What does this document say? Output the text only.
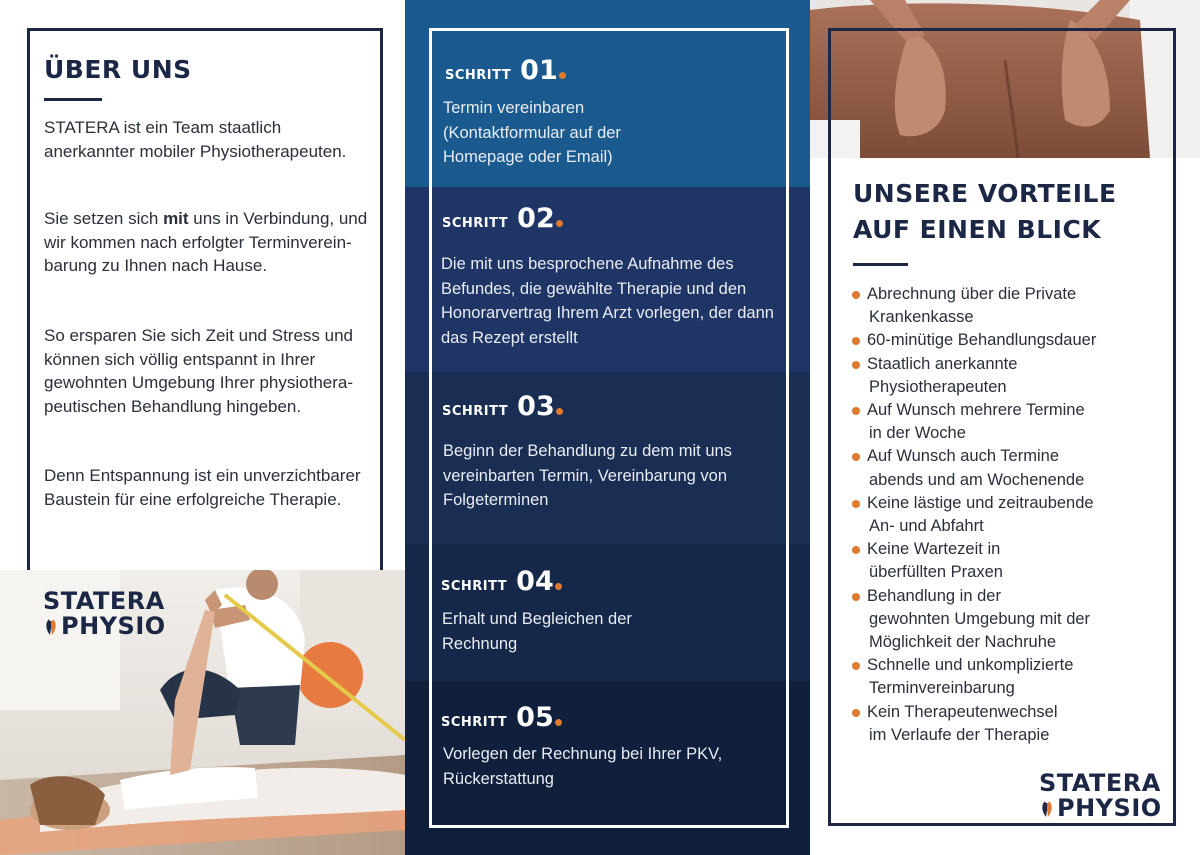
ÜBER UNS

STATERA ist ein Team staatlich anerkannter mobiler Physiotherapeuten.

Sie setzen sich mit uns in Verbindung, und wir kommen nach erfolgter Terminverein- barung zu Ihnen nach Hause.

So ersparen Sie sich Zeit und Stress und können sich völlig entspannt in Ihrer gewohnten Umgebung Ihrer physiothera- peutischen Behandlung hingeben.

Denn Entspannung ist ein unverzichtbarer Baustein für eine erfolgreiche Therapie.

STATERA
PHYSIO
SCHRITT 01

Termin vereinbaren (Kontaktformular auf der Homepage oder Email)

SCHRITT 02

Die mit uns besprochene Aufnahme des Befundes, die gewählte Therapie und den Honorarvertrag Ihrem Arzt vorlegen, der dann das Rezept erstellt

SCHRITT 03

Beginn der Behandlung zu dem mit uns vereinbarten Termin, Vereinbarung von Folgeterminen

SCHRITT 04

Erhalt und Begleichen der Rechnung

SCHRITT 05

Vorlegen der Rechnung bei Ihrer PKV, Rückerstattung

UNSERE VORTEILE AUF EINEN BLICK
Abrechnung über die Private
Krankenkasse
60-minütige Behandlungsdauer
Staatlich anerkannte
Physiotherapeuten
Auf Wunsch mehrere Termine
in der Woche
Auf Wunsch auch Termine
abends und am Wochenende
Keine lästige und zeitraubende
An- und Abfahrt
Keine Wartezeit in
überfüllten Praxen
Behandlung in der
gewohnten Umgebung mit der
Möglichkeit der Nachruhe
Schnelle und unkomplizierte
Terminvereinbarung
Kein Therapeutenwechsel
im Verlaufe der Therapie
STATERA
PHYSIO
